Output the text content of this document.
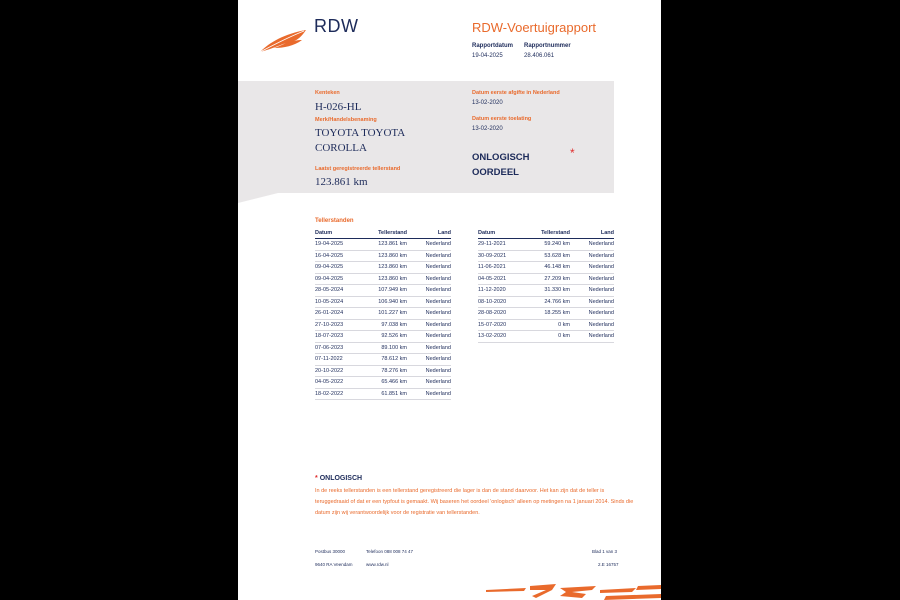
RDW	RDW-Voertuigrapport
Rapportdatum
19-04-2025
Rapportnummer
28.406.061
Kenteken
H-026-HL
Merk/Handelsbenaming
TOYOTA TOYOTA
COROLLA
Laatst geregistreerde tellerstand
123.861 km
Datum eerste afgifte in Nederland
13-02-2020
Datum eerste toelating
13-02-2020
ONLOGISCH
OORDEEL
*
Tellerstanden
Datum	Tellerstand	Land
19-04-2025	123.861 km	Nederland
16-04-2025	123.860 km	Nederland
09-04-2025	123.860 km	Nederland
09-04-2025	123.860 km	Nederland
28-05-2024	107.949 km	Nederland
10-05-2024	106.940 km	Nederland
26-01-2024	101.227 km	Nederland
27-10-2023	97.038 km	Nederland
18-07-2023	92.526 km	Nederland
07-06-2023	89.100 km	Nederland
07-11-2022	78.612 km	Nederland
20-10-2022	78.276 km	Nederland
04-05-2022	65.466 km	Nederland
18-02-2022	61.851 km	Nederland
Datum	Tellerstand	Land
29-11-2021	59.240 km	Nederland
30-09-2021	53.628 km	Nederland
11-06-2021	46.148 km	Nederland
04-05-2021	27.209 km	Nederland
11-12-2020	31.330 km	Nederland
08-10-2020	24.766 km	Nederland
28-08-2020	18.255 km	Nederland
15-07-2020	0 km	Nederland
13-02-2020	0 km	Nederland
* ONLOGISCH
In de reeks tellerstanden is een tellerstand geregistreerd die lager is dan de stand daarvoor. Het kan zijn dat de teller is teruggedraaid of dat er een typfout is gemaakt. Wij baseren het oordeel 'onlogisch' alleen op metingen na 1 januari 2014. Sinds die datum zijn wij verantwoordelijk voor de registratie van tellerstanden.
Postbus 30000
9640 RA Veendam
Telefoon 088 008 74 47
www.rdw.nl
Blad 1 van 3
2.E 16757
